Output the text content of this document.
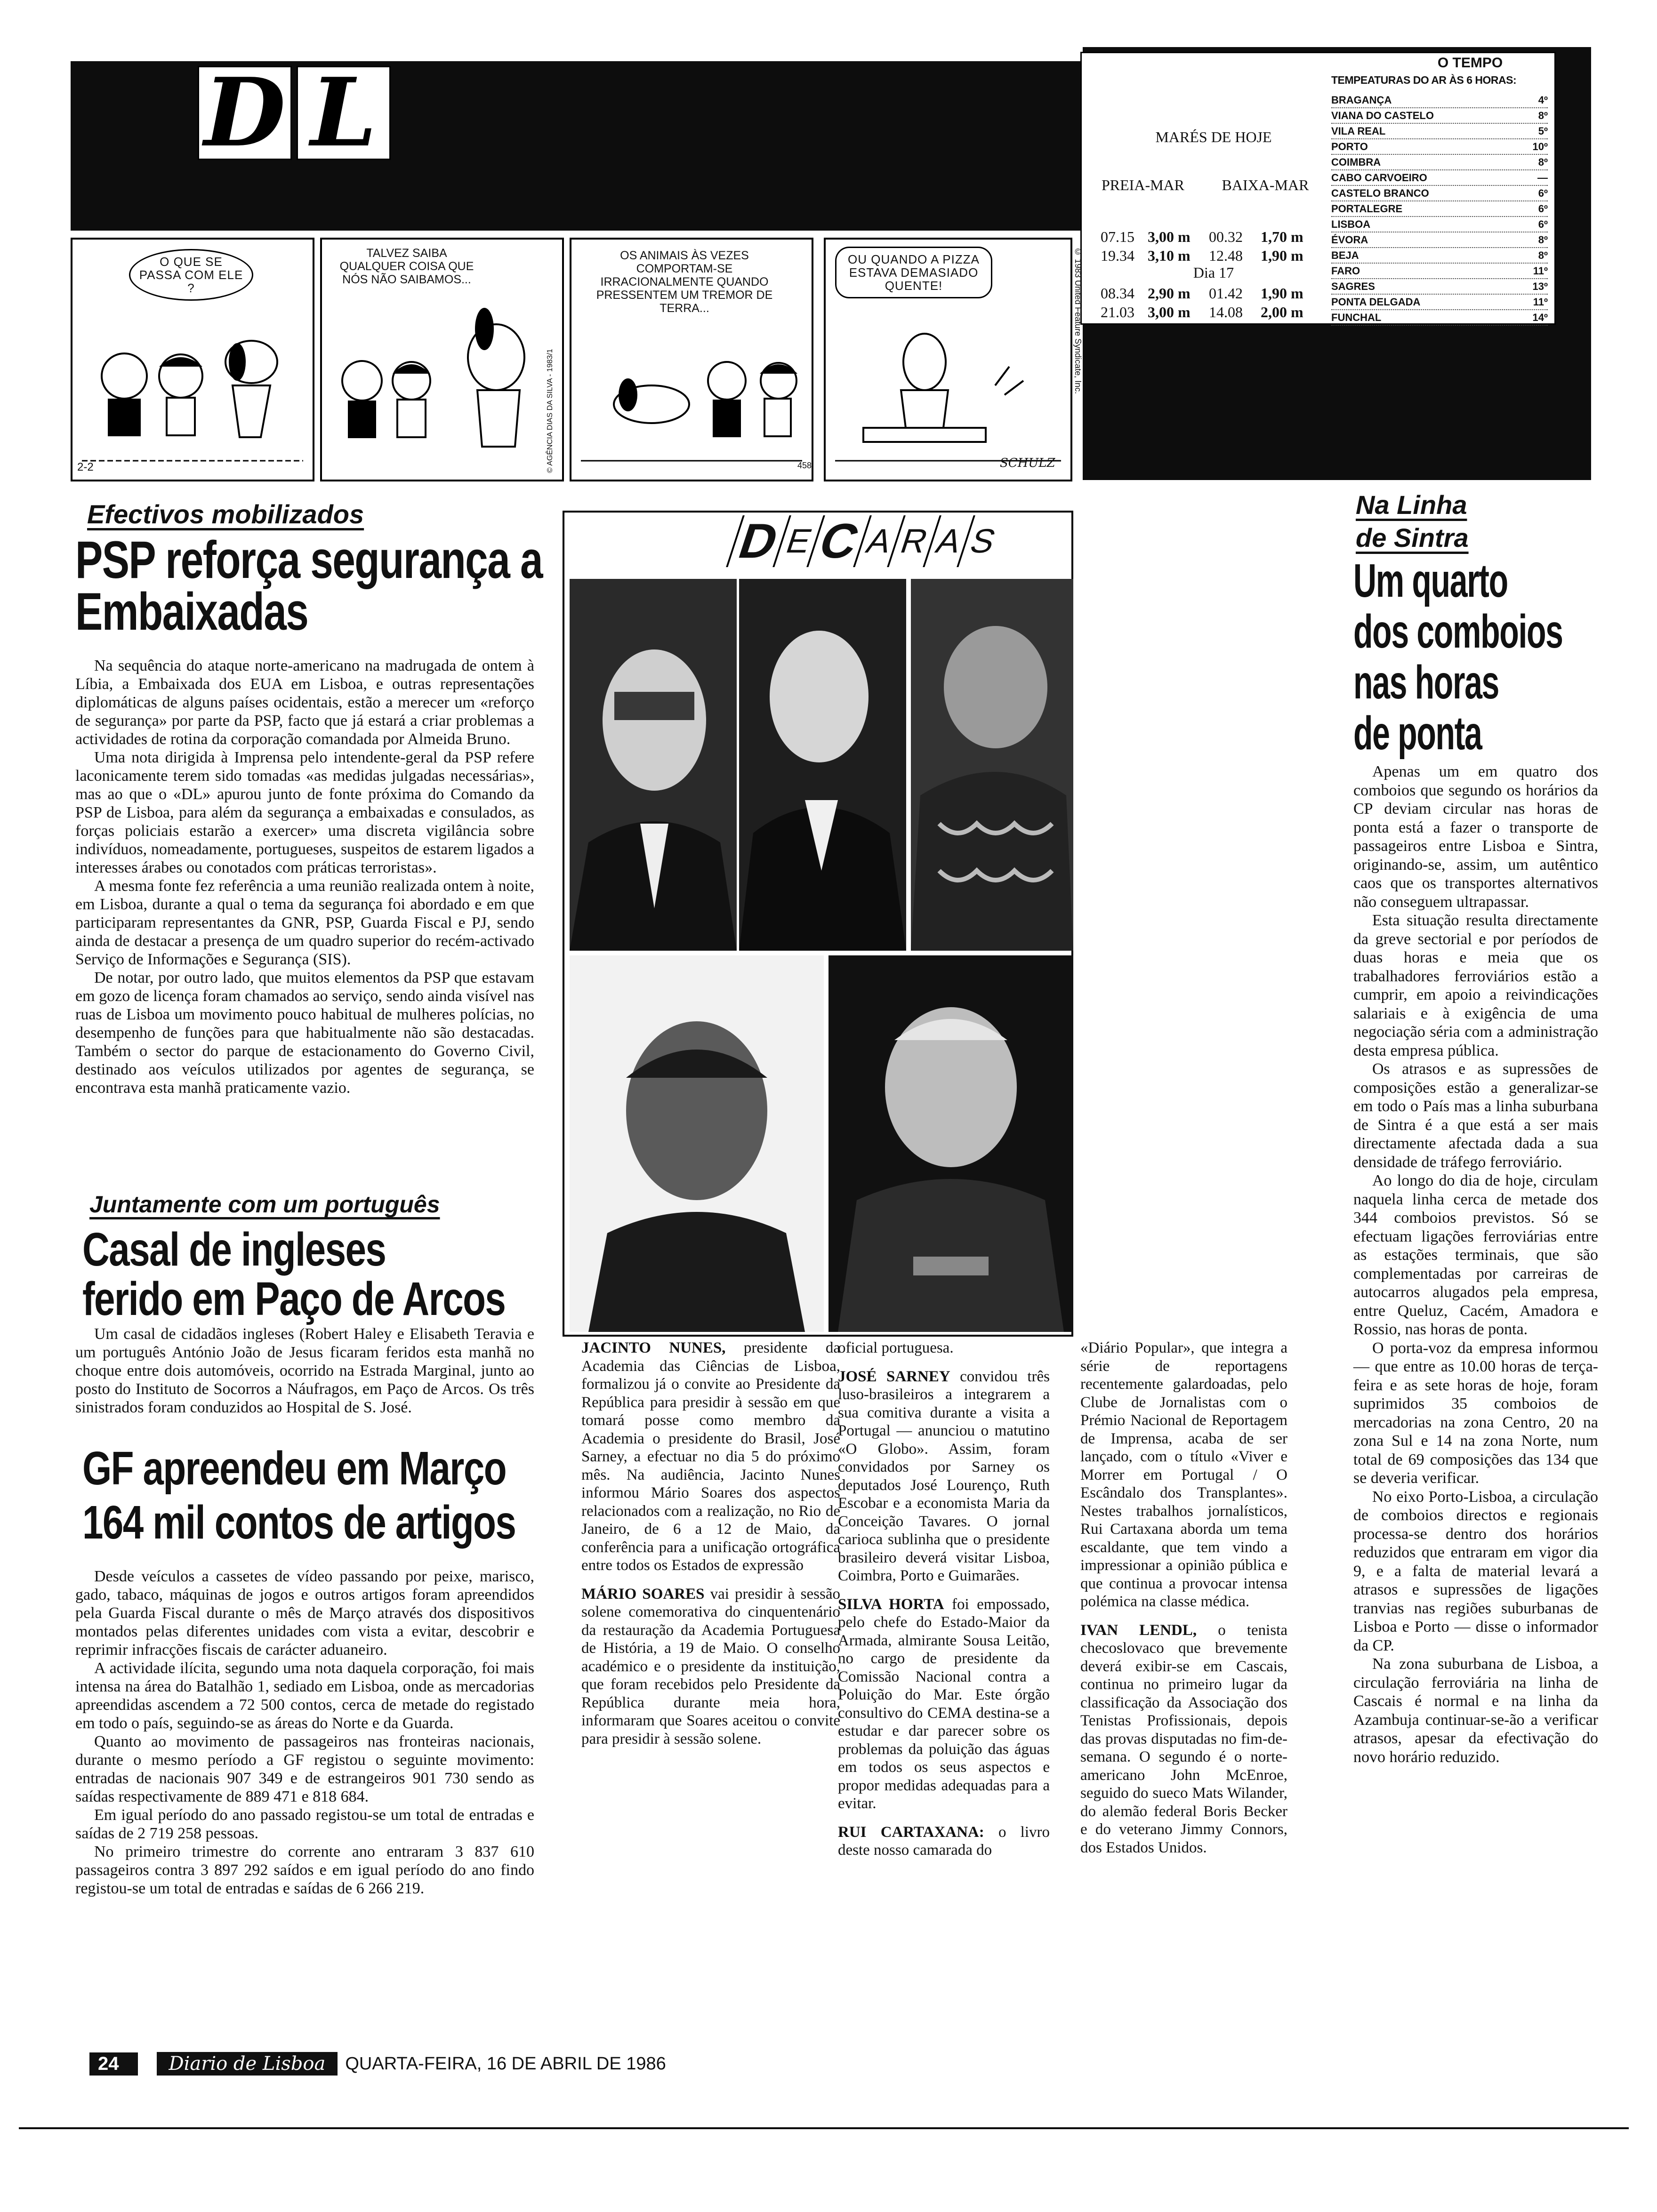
D L	O TEMPO
TEMPEATURAS DO AR ÀS 6 HORAS:
BRAGANÇA	4º
VIANA DO CASTELO	8º
VILA REAL	5º
PORTO	10º
COIMBRA	8º
CABO CARVOEIRO	—
CASTELO BRANCO	6º
PORTALEGRE	6º
LISBOA	6º
ÉVORA	8º
BEJA	8º
FARO	11º
SAGRES	13º
PONTA DELGADA	11º
FUNCHAL	14º
MARÉS DE HOJE
PREIA-MAR	BAIXA-MAR
07.15 3,00 m	00.32	1,70 m
19.34 3,10 m	12.48	1,90 m
Dia 17
08.34 2,90 m	01.42	1,90 m
21.03 3,00 m	14.08	2,00 m
O QUE SE PASSA COM ELE ?
2-2
TALVEZ SAIBA QUALQUER COISA QUE NÓS NÃO SAIBAMOS...
© AGÊNCIA DIAS DA SILVA - 1983/1
OS ANIMAIS ÀS VEZES COMPORTAM-SE IRRACIONALMENTE QUANDO PRESSENTEM UM TREMOR DE TERRA...
458
OU QUANDO A PIZZA ESTAVA DEMASIADO QUENTE!
SCHULZ
© 1983 United Feature Syndicate, Inc.
Efectivos mobilizados
PSP reforça segurança a Embaixadas

Na sequência do ataque norte-americano na madrugada de ontem à Líbia, a Embaixada dos EUA em Lisboa, e outras representações diplomáticas de alguns países ocidentais, estão a merecer um «reforço de segurança» por parte da PSP, facto que já estará a criar problemas a actividades de rotina da corporação comandada por Almeida Bruno.

Uma nota dirigida à Imprensa pelo intendente-geral da PSP refere laconicamente terem sido tomadas «as medidas julgadas necessárias», mas ao que o «DL» apurou junto de fonte próxima do Comando da PSP de Lisboa, para além da segurança a embaixadas e consulados, as forças policiais estarão a exercer» uma discreta vigilância sobre indivíduos, nomeadamente, portugueses, suspeitos de estarem ligados a interesses árabes ou conotados com práticas terroristas».

A mesma fonte fez referência a uma reunião realizada ontem à noite, em Lisboa, durante a qual o tema da segurança foi abordado e em que participaram representantes da GNR, PSP, Guarda Fiscal e PJ, sendo ainda de destacar a presença de um quadro superior do recém-activado Serviço de Informações e Segurança (SIS).

De notar, por outro lado, que muitos elementos da PSP que estavam em gozo de licença foram chamados ao serviço, sendo ainda visível nas ruas de Lisboa um movimento pouco habitual de mulheres polícias, no desempenho de funções para que habitualmente não são destacadas. Também o sector do parque de estacionamento do Governo Civil, destinado aos veículos utilizados por agentes de segurança, se encontrava esta manhã praticamente vazio.

Juntamente com um português
Casal de ingleses
ferido em Paço de Arcos

Um casal de cidadãos ingleses (Robert Haley e Elisabeth Teravia e um português António João de Jesus ficaram feridos esta manhã no choque entre dois automóveis, ocorrido na Estrada Marginal, junto ao posto do Instituto de Socorros a Náufragos, em Paço de Arcos. Os três sinistrados foram conduzidos ao Hospital de S. José.

GF apreendeu em Março
164 mil contos de artigos

Desde veículos a cassetes de vídeo passando por peixe, marisco, gado, tabaco, máquinas de jogos e outros artigos foram apreendidos pela Guarda Fiscal durante o mês de Março através dos dispositivos montados pelas diferentes unidades com vista a evitar, descobrir e reprimir infracções fiscais de carácter aduaneiro.

A actividade ilícita, segundo uma nota daquela corporação, foi mais intensa na área do Batalhão 1, sediado em Lisboa, onde as mercadorias apreendidas ascendem a 72 500 contos, cerca de metade do registado em todo o país, seguindo-se as áreas do Norte e da Guarda.

Quanto ao movimento de passageiros nas fronteiras nacionais, durante o mesmo período a GF registou o seguinte movimento: entradas de nacionais 907 349 e de estrangeiros 901 730 sendo as saídas respectivamente de 889 471 e 818 684.

Em igual período do ano passado registou-se um total de entradas e saídas de 2 719 258 pessoas.

No primeiro trimestre do corrente ano entraram 3 837 610 passageiros contra 3 897 292 saídos e em igual período do ano findo registou-se um total de entradas e saídas de 6 266 219.

D
E
C
A
R
A
S

JACINTO NUNES, presidente da Academia das Ciências de Lisboa, formalizou já o convite ao Presidente da República para presidir à sessão em que tomará posse como membro da Academia o presidente do Brasil, José Sarney, a efectuar no dia 5 do próximo mês. Na audiência, Jacinto Nunes informou Mário Soares dos aspectos relacionados com a realização, no Rio de Janeiro, de 6 a 12 de Maio, da conferência para a unificação ortográfica entre todos os Estados de expressão

MÁRIO SOARES vai presidir à sessão solene comemorativa do cinquentenário da restauração da Academia Portuguesa de História, a 19 de Maio. O conselho académico e o presidente da instituição, que foram recebidos pelo Presidente da República durante meia hora, informaram que Soares aceitou o convite para presidir à sessão solene.

oficial portuguesa.

JOSÉ SARNEY convidou três luso-brasileiros a integrarem a sua comitiva durante a visita a Portugal — anunciou o matutino «O Globo». Assim, foram convidados por Sarney os deputados José Lourenço, Ruth Escobar e a economista Maria da Conceição Tavares. O jornal carioca sublinha que o presidente brasileiro deverá visitar Lisboa, Coimbra, Porto e Guimarães.

SILVA HORTA foi empossado, pelo chefe do Estado-Maior da Armada, almirante Sousa Leitão, no cargo de presidente da Comissão Nacional contra a Poluição do Mar. Este órgão consultivo do CEMA destina-se a estudar e dar parecer sobre os problemas da poluição das águas em todos os seus aspectos e propor medidas adequadas para a evitar.

RUI CARTAXANA: o livro deste nosso camarada do

«Diário Popular», que integra a série de reportagens recentemente galardoadas, pelo Clube de Jornalistas com o Prémio Nacional de Reportagem de Imprensa, acaba de ser lançado, com o título «Viver e Morrer em Portugal / O Escândalo dos Transplantes». Nestes trabalhos jornalísticos, Rui Cartaxana aborda um tema escaldante, que tem vindo a impressionar a opinião pública e que continua a provocar intensa polémica na classe médica.

IVAN LENDL, o tenista checoslovaco que brevemente deverá exibir-se em Cascais, continua no primeiro lugar da classificação da Associação dos Tenistas Profissionais, depois das provas disputadas no fim-de-semana. O segundo é o norte-americano John McEnroe, seguido do sueco Mats Wilander, do alemão federal Boris Becker e do veterano Jimmy Connors, dos Estados Unidos.

Na Linha
de Sintra
Um quarto
dos comboios
nas horas
de ponta

Apenas um em quatro dos comboios que segundo os horários da CP deviam circular nas horas de ponta está a fazer o transporte de passageiros entre Lisboa e Sintra, originando-se, assim, um autêntico caos que os transportes alternativos não conseguem ultrapassar.

Esta situação resulta directamente da greve sectorial e por períodos de duas horas e meia que os trabalhadores ferroviários estão a cumprir, em apoio a reivindicações salariais e à exigência de uma negociação séria com a administração desta empresa pública.

Os atrasos e as supressões de composições estão a generalizar-se em todo o País mas a linha suburbana de Sintra é a que está a ser mais directamente afectada dada a sua densidade de tráfego ferroviário.

Ao longo do dia de hoje, circulam naquela linha cerca de metade dos 344 comboios previstos. Só se efectuam ligações ferroviárias entre as estações terminais, que são complementadas por carreiras de autocarros alugados pela empresa, entre Queluz, Cacém, Amadora e Rossio, nas horas de ponta.

O porta-voz da empresa informou — que entre as 10.00 horas de terça-feira e as sete horas de hoje, foram suprimidos 35 comboios de mercadorias na zona Centro, 20 na zona Sul e 14 na zona Norte, num total de 69 composições das 134 que se deveria verificar.

No eixo Porto-Lisboa, a circulação de comboios directos e regionais processa-se dentro dos horários reduzidos que entraram em vigor dia 9, e a falta de material levará a atrasos e supressões de ligações tranvias nas regiões suburbanas de Lisboa e Porto — disse o informador da CP.

Na zona suburbana de Lisboa, a circulação ferroviária na linha de Cascais é normal e na linha da Azambuja continuar-se-ão a verificar atrasos, apesar da efectivação do novo horário reduzido.

24	Diario de Lisboa	QUARTA-FEIRA, 16 DE ABRIL DE 1986
